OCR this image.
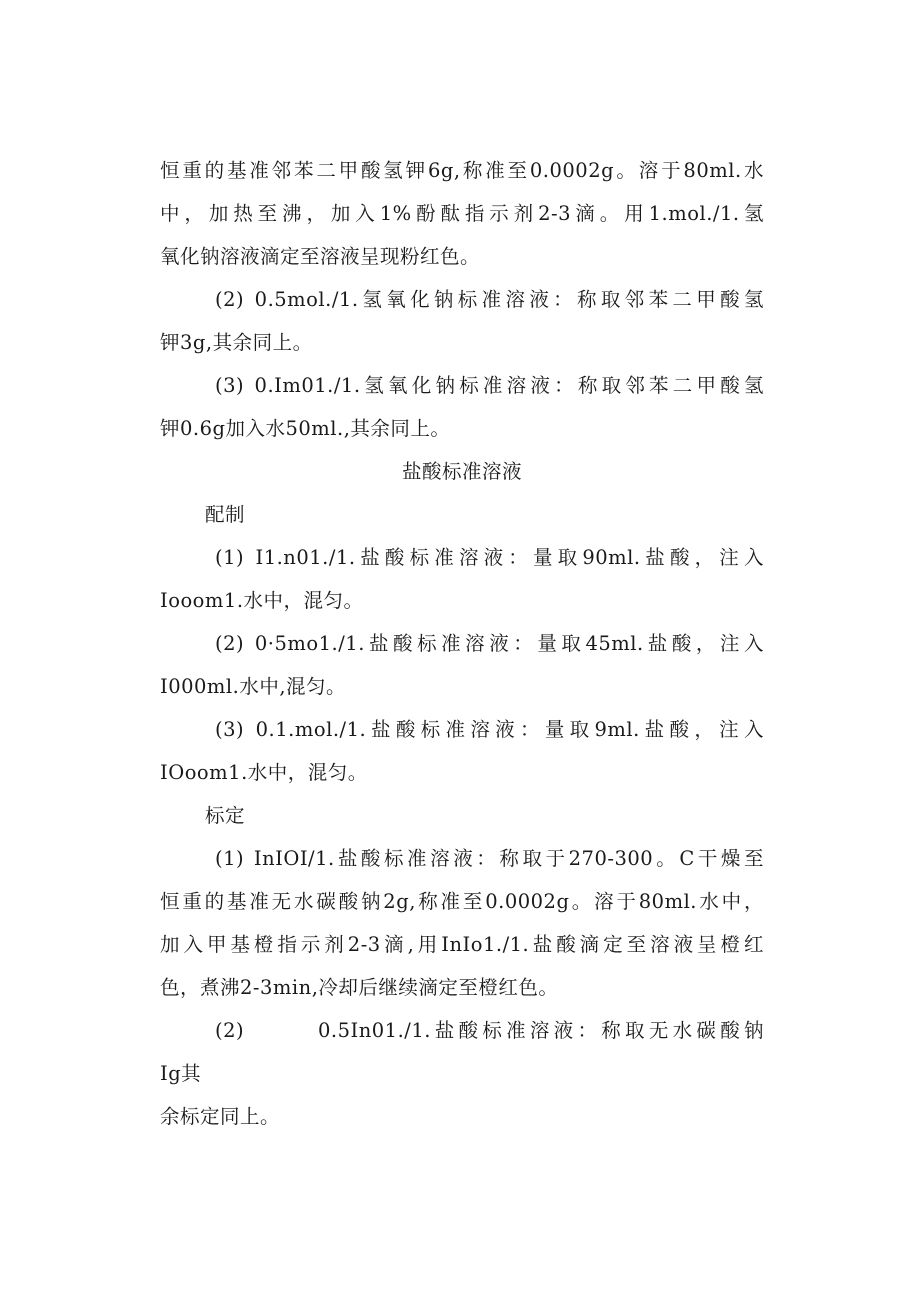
恒重的基准邻苯二甲酸氢钾6g,称准至0.0002g。溶于80ml.水
中，加热至沸，加入1%酚酞指示剂2-3滴。用1.mol./1.氢
氧化钠溶液滴定至溶液呈现粉红色。
(2) 0.5mol./1.氢氧化钠标准溶液：称取邻苯二甲酸氢
钾3g,其余同上。
(3) 0.Im01./1.氢氧化钠标准溶液：称取邻苯二甲酸氢
钾0.6g加入水50ml.,其余同上。
盐酸标准溶液
配制
(1) I1.n01./1.盐酸标准溶液：量取90ml.盐酸，注入
Iooom1.水中，混匀。
(2) 0·5mo1./1.盐酸标准溶液：量取45ml.盐酸，注入
I000ml.水中,混匀。
(3) 0.1.mol./1.盐酸标准溶液：量取9ml.盐酸，注入
IOoom1.水中，混匀。
标定
(1) InIOI/1.盐酸标准溶液：称取于270-300。C干燥至
恒重的基准无水碳酸钠2g,称准至0.0002g。溶于80ml.水中，
加入甲基橙指示剂2-3滴,用InIo1./1.盐酸滴定至溶液呈橙红
色，煮沸2-3min,冷却后继续滴定至橙红色。
(2)	0.5In01./1.盐酸标准溶液：称取无水碳酸钠
Ig其
余标定同上。
